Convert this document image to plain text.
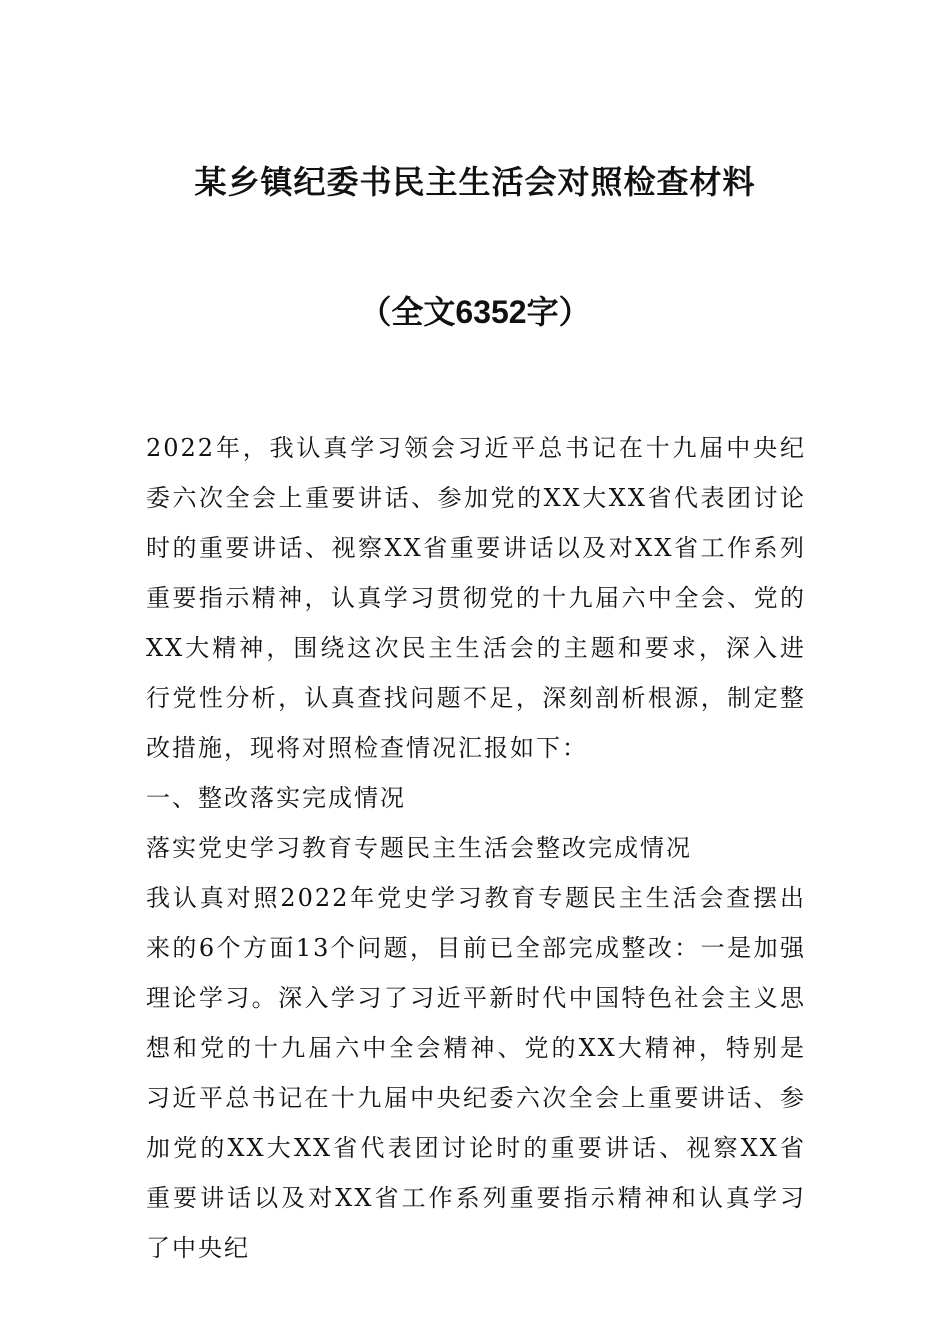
某乡镇纪委书民主生活会对照检查材料
（全文6352字）

2022年，我认真学习领会习近平总书记在十九届中央纪委六次全会上重要讲话、参加党的XX大XX省代表团讨论时的重要讲话、视察XX省重要讲话以及对XX省工作系列重要指示精神，认真学习贯彻党的十九届六中全会、党的XX大精神，围绕这次民主生活会的主题和要求，深入进行党性分析，认真查找问题不足，深刻剖析根源，制定整改措施，现将对照检查情况汇报如下：

一、整改落实完成情况

落实党史学习教育专题民主生活会整改完成情况

我认真对照2022年党史学习教育专题民主生活会查摆出来的6个方面13个问题，目前已全部完成整改：一是加强理论学习。深入学习了习近平新时代中国特色社会主义思想和党的十九届六中全会精神、党的XX大精神，特别是习近平总书记在十九届中央纪委六次全会上重要讲话、参加党的XX大XX省代表团讨论时的重要讲话、视察XX省重要讲话以及对XX省工作系列重要指示精神和认真学习了中央纪
